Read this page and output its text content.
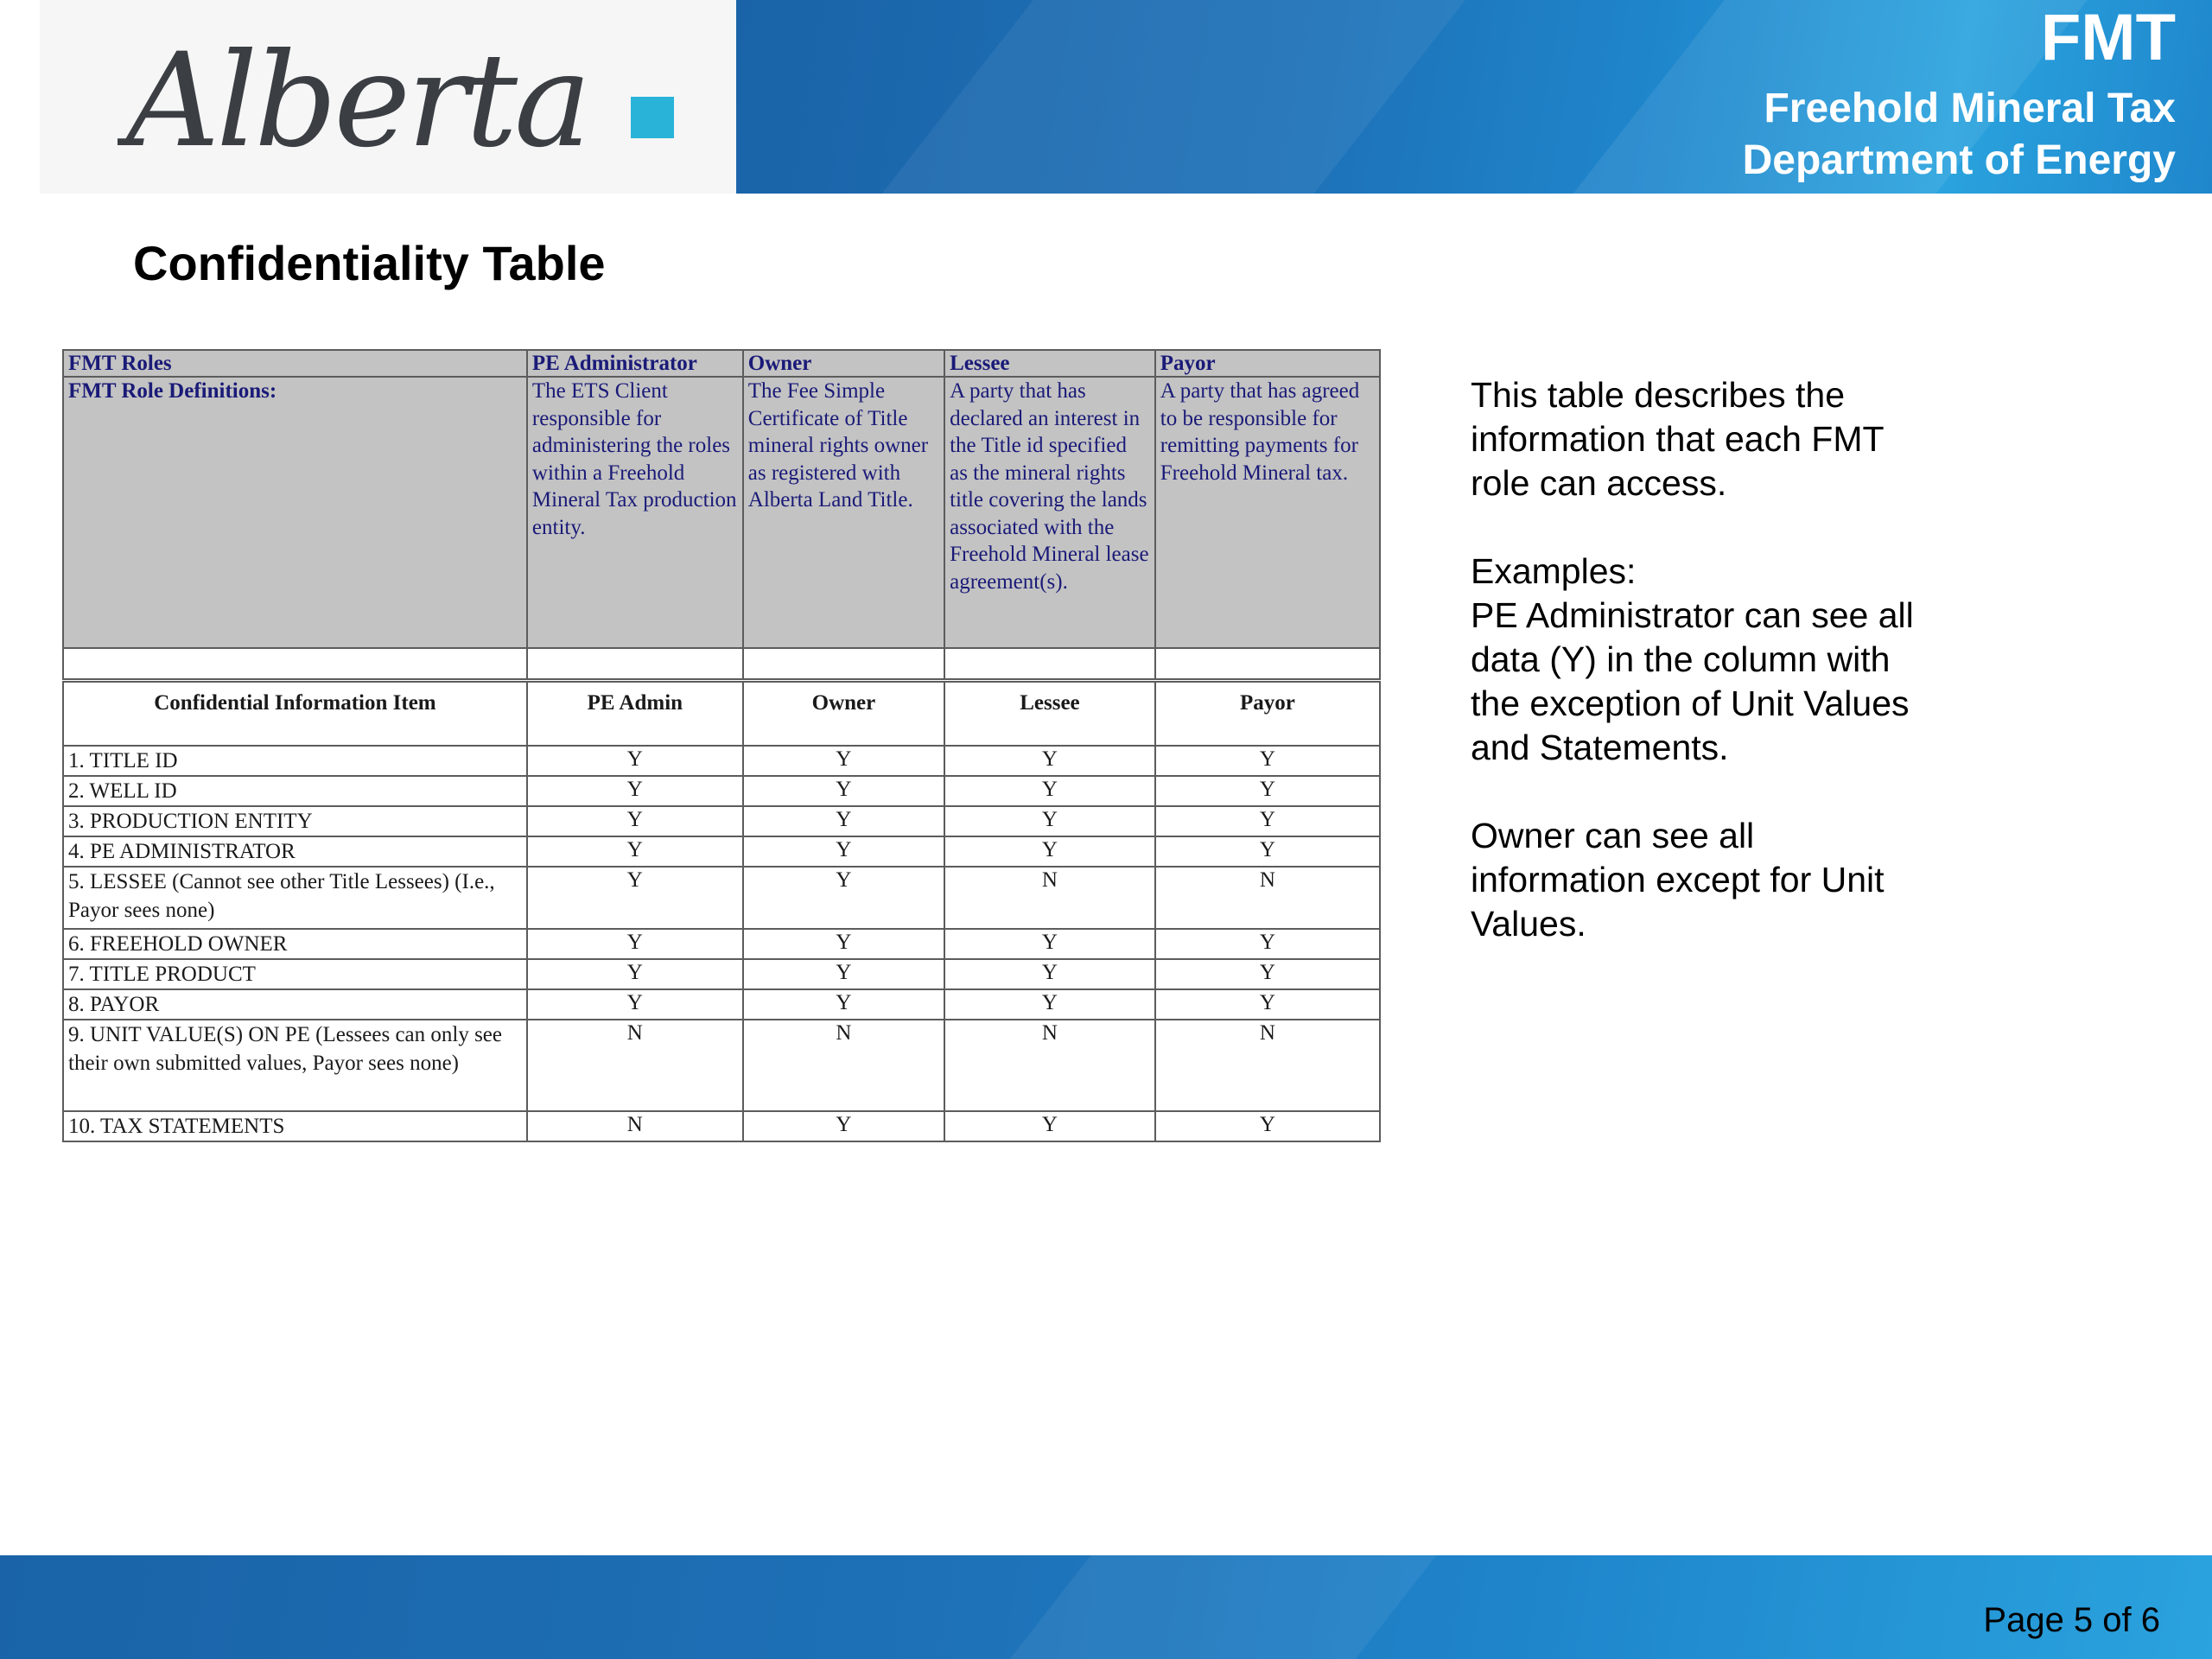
Alberta	FMT
Freehold Mineral Tax
Department of Energy
Confidentiality Table
FMT Roles	PE Administrator	Owner	Lessee	Payor
FMT Role Definitions:	The ETS Client responsible for administering the roles within a Freehold Mineral Tax production entity.	The Fee Simple Certificate of Title mineral rights owner as registered with Alberta Land Title.	A party that has declared an interest in the Title id specified as the mineral rights title covering the lands associated with the Freehold Mineral lease agreement(s).	A party that has agreed to be responsible for remitting payments for Freehold Mineral tax.

Confidential Information Item	PE Admin	Owner	Lessee	Payor
1. TITLE ID	Y	Y	Y	Y
2. WELL ID	Y	Y	Y	Y
3. PRODUCTION ENTITY	Y	Y	Y	Y
4. PE ADMINISTRATOR	Y	Y	Y	Y
5. LESSEE (Cannot see other Title Lessees) (I.e., Payor sees none)	Y	Y	N	N
6. FREEHOLD OWNER	Y	Y	Y	Y
7. TITLE PRODUCT	Y	Y	Y	Y
8. PAYOR	Y	Y	Y	Y
9. UNIT VALUE(S) ON PE (Lessees can only see their own submitted values, Payor sees none)	N	N	N	N
10. TAX STATEMENTS	N	Y	Y	Y

This table describes the information that each FMT role can access.

Examples:

PE Administrator can see all data (Y) in the column with the exception of Unit Values and Statements.

Owner can see all information except for Unit Values.

Page 5 of 6
